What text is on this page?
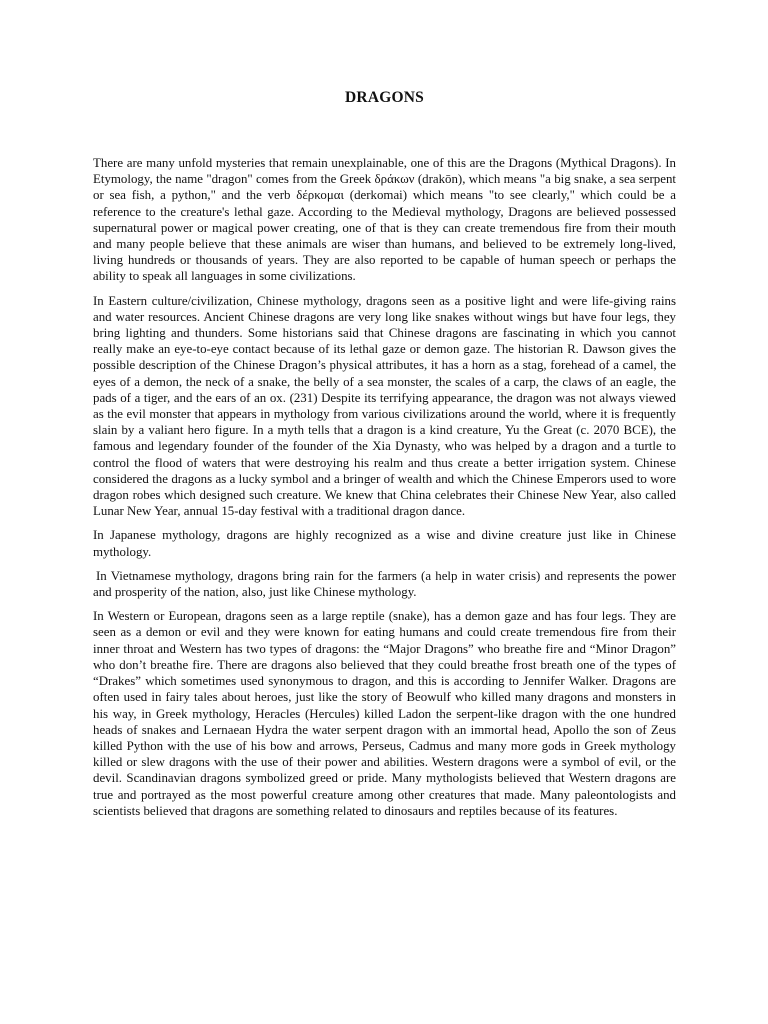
DRAGONS

There are many unfold mysteries that remain unexplainable, one of this are the Dragons (Mythical Dragons). In Etymology, the name "dragon" comes from the Greek δράκων (drakōn), which means "a big snake, a sea serpent or sea fish, a python," and the verb δέρκομαι (derkomai) which means "to see clearly," which could be a reference to the creature's lethal gaze. According to the Medieval mythology, Dragons are believed possessed supernatural power or magical power creating, one of that is they can create tremendous fire from their mouth and many people believe that these animals are wiser than humans, and believed to be extremely long-lived, living hundreds or thousands of years. They are also reported to be capable of human speech or perhaps the ability to speak all languages in some civilizations.

In Eastern culture/civilization, Chinese mythology, dragons seen as a positive light and were life-giving rains and water resources. Ancient Chinese dragons are very long like snakes without wings but have four legs, they bring lighting and thunders. Some historians said that Chinese dragons are fascinating in which you cannot really make an eye-to-eye contact because of its lethal gaze or demon gaze. The historian R. Dawson gives the possible description of the Chinese Dragon’s physical attributes, it has a horn as a stag, forehead of a camel, the eyes of a demon, the neck of a snake, the belly of a sea monster, the scales of a carp, the claws of an eagle, the pads of a tiger, and the ears of an ox. (231) Despite its terrifying appearance, the dragon was not always viewed as the evil monster that appears in mythology from various civilizations around the world, where it is frequently slain by a valiant hero figure. In a myth tells that a dragon is a kind creature, Yu the Great (c. 2070 BCE), the famous and legendary founder of the founder of the Xia Dynasty, who was helped by a dragon and a turtle to control the flood of waters that were destroying his realm and thus create a better irrigation system. Chinese considered the dragons as a lucky symbol and a bringer of wealth and which the Chinese Emperors used to wore dragon robes which designed such creature. We knew that China celebrates their Chinese New Year, also called Lunar New Year, annual 15-day festival with a traditional dragon dance.

In Japanese mythology, dragons are highly recognized as a wise and divine creature just like in Chinese mythology.

In Vietnamese mythology, dragons bring rain for the farmers (a help in water crisis) and represents the power and prosperity of the nation, also, just like Chinese mythology.

In Western or European, dragons seen as a large reptile (snake), has a demon gaze and has four legs. They are seen as a demon or evil and they were known for eating humans and could create tremendous fire from their inner throat and Western has two types of dragons: the “Major Dragons” who breathe fire and “Minor Dragon” who don’t breathe fire. There are dragons also believed that they could breathe frost breath one of the types of “Drakes” which sometimes used synonymous to dragon, and this is according to Jennifer Walker. Dragons are often used in fairy tales about heroes, just like the story of Beowulf who killed many dragons and monsters in his way, in Greek mythology, Heracles (Hercules) killed Ladon the serpent-like dragon with the one hundred heads of snakes and Lernaean Hydra the water serpent dragon with an immortal head, Apollo the son of Zeus killed Python with the use of his bow and arrows, Perseus, Cadmus and many more gods in Greek mythology killed or slew dragons with the use of their power and abilities. Western dragons were a symbol of evil, or the devil. Scandinavian dragons symbolized greed or pride. Many mythologists believed that Western dragons are true and portrayed as the most powerful creature among other creatures that made. Many paleontologists and scientists believed that dragons are something related to dinosaurs and reptiles because of its features.
